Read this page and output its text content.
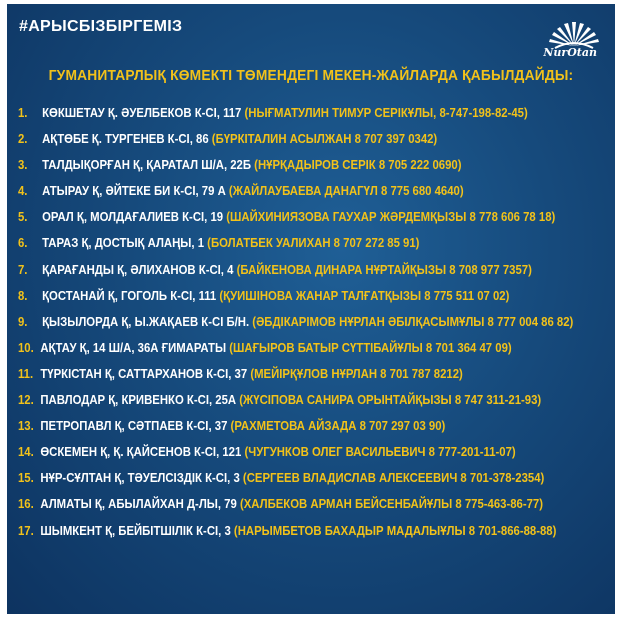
#АРЫСБІЗБІРГЕМІЗ
NurOtan
ГУМАНИТАРЛЫҚ КӨМЕКТІ ТӨМЕНДЕГІ МЕКЕН-ЖАЙЛАРДА ҚАБЫЛДАЙДЫ:
1. КӨКШЕТАУ Қ. ӘУЕЛБЕКОВ К-СІ, 117 (НЫҒМАТУЛИН ТИМУР СЕРІКҰЛЫ, 8-747-198-82-45)
2. АҚТӨБЕ Қ. ТУРГЕНЕВ К-СІ, 86 (БҮРКІТАЛИН АСЫЛЖАН 8 707 397 0342)
3. ТАЛДЫҚОРҒАН Қ, ҚАРАТАЛ Ш/А, 22Б (НҰРҚАДЫРОВ СЕРІК 8 705 222 0690)
4. АТЫРАУ Қ, ӘЙТЕКЕ БИ К-СІ, 79 А (ЖАЙЛАУБАЕВА ДАНАГҮЛ 8 775 680 4640)
5. ОРАЛ Қ, МОЛДАҒАЛИЕВ К-СІ, 19 (ШАЙХИНИЯЗОВА ГАУХАР ЖӘРДЕМҚЫЗЫ 8 778 606 78 18)
6. ТАРАЗ Қ, ДОСТЫҚ АЛАҢЫ, 1 (БОЛАТБЕК УАЛИХАН 8 707 272 85 91)
7. ҚАРАҒАНДЫ Қ, ӘЛИХАНОВ К-СІ, 4 (БАЙКЕНОВА ДИНАРА НҰРТАЙҚЫЗЫ 8 708 977 7357)
8. ҚОСТАНАЙ Қ, ГОГОЛЬ К-СІ, 111 (ҚУИШІНОВА ЖАНАР ТАЛҒАТҚЫЗЫ 8 775 511 07 02)
9. ҚЫЗЫЛОРДА Қ, Ы.ЖАҚАЕВ К-СІ Б/Н. (ӘБДІКАРІМОВ НҰРЛАН ӘБІЛҚАСЫМҰЛЫ 8 777 004 86 82)
10. АҚТАУ Қ, 14 Ш/А, 36А ҒИМАРАТЫ (ШАҒЫРОВ БАТЫР СҮТТІБАЙҰЛЫ 8 701 364 47 09)
11. ТҮРКІСТАН Қ, САТТАРХАНОВ К-СІ, 37 (МЕЙІРҚҰЛОВ НҰРЛАН 8 701 787 8212)
12. ПАВЛОДАР Қ, КРИВЕНКО К-СІ, 25А (ЖҮСІПОВА САНИРА ОРЫНТАЙҚЫЗЫ 8 747 311-21-93)
13. ПЕТРОПАВЛ Қ, СӘТПАЕВ К-СІ, 37 (РАХМЕТОВА АЙЗАДА 8 707 297 03 90)
14. ӨСКЕМЕН Қ, Қ. ҚАЙСЕНОВ К-СІ, 121 (ЧУГУНКОВ ОЛЕГ ВАСИЛЬЕВИЧ 8 777-201-11-07)
15. НҰР-СҰЛТАН Қ, ТӘУЕЛСІЗДІК К-СІ, 3 (СЕРГЕЕВ ВЛАДИСЛАВ АЛЕКСЕЕВИЧ 8 701-378-2354)
16. АЛМАТЫ Қ, АБЫЛАЙХАН Д-ЛЫ, 79 (ХАЛБЕКОВ АРМАН БЕЙСЕНБАЙҰЛЫ 8 775-463-86-77)
17. ШЫМКЕНТ Қ, БЕЙБІТШІЛІК К-СІ, 3 (НАРЫМБЕТОВ БАХАДЫР МАДАЛЫҰЛЫ 8 701-866-88-88)
